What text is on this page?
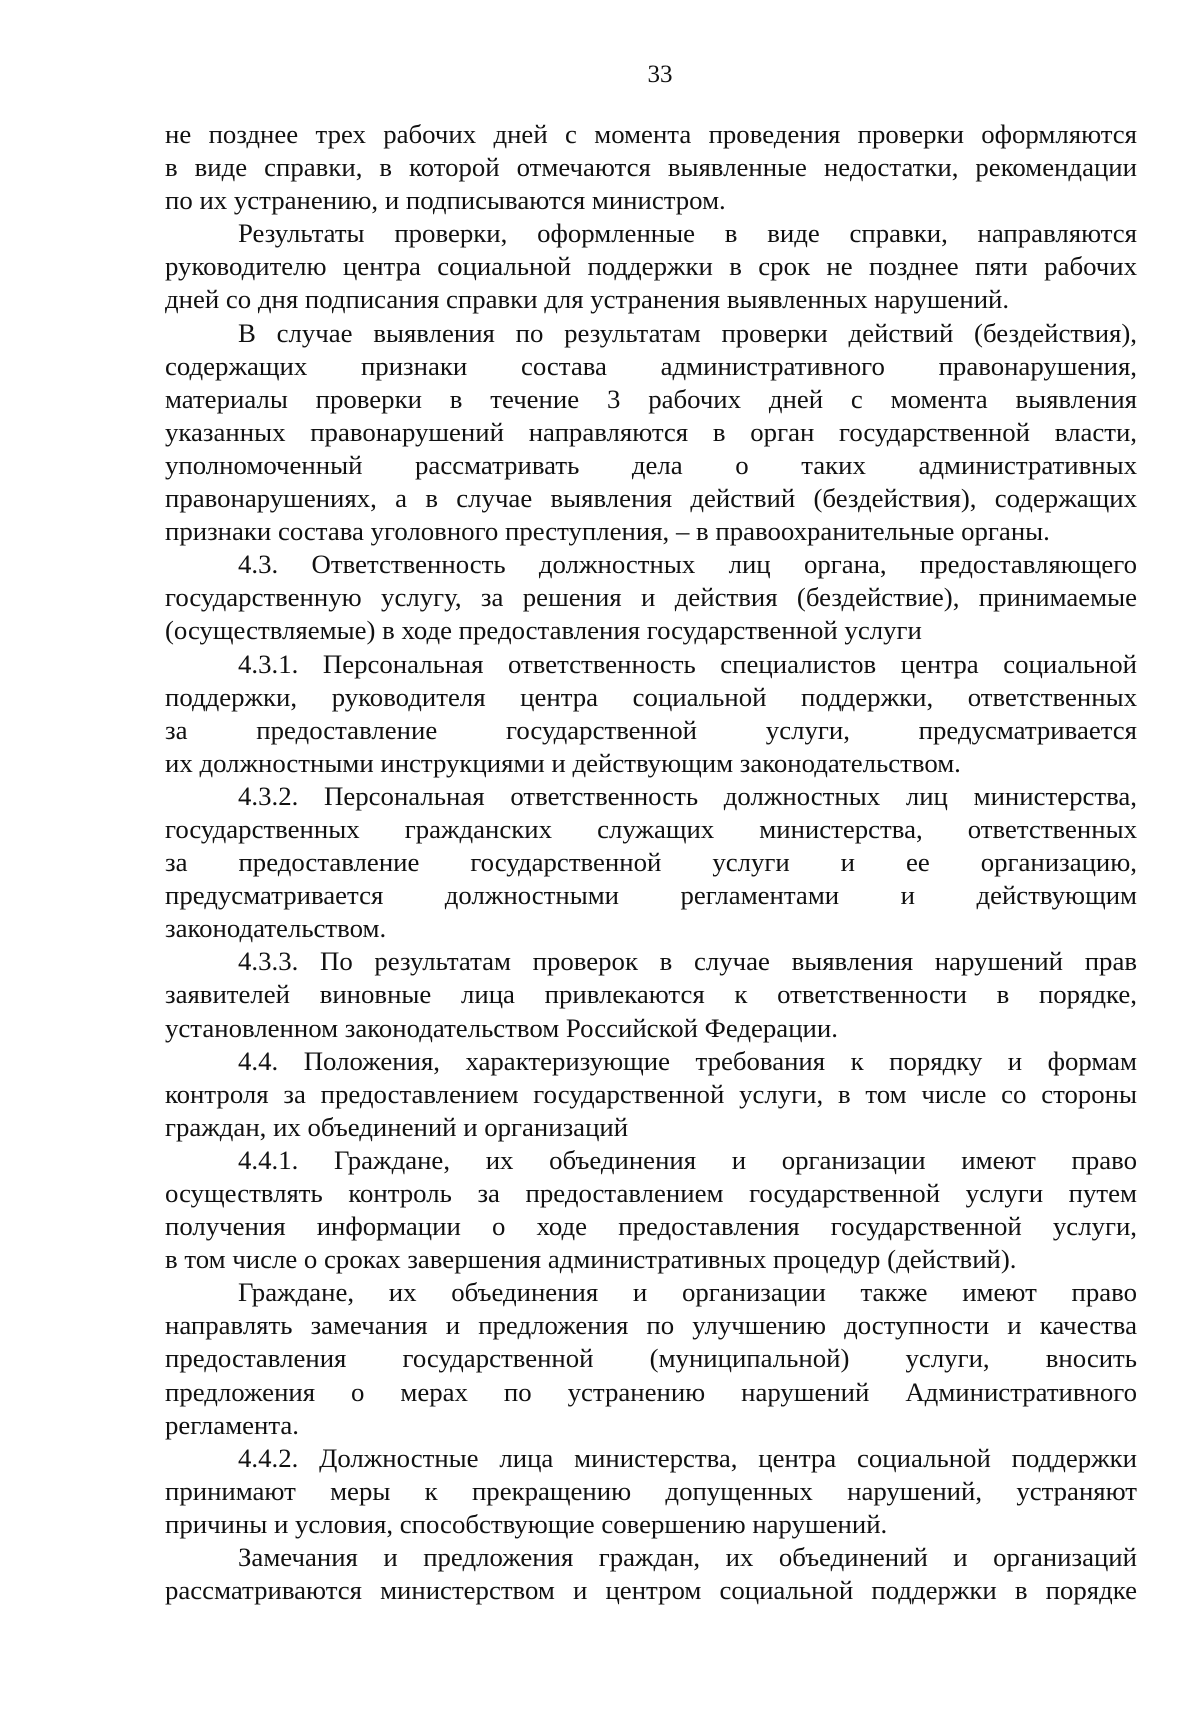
33
не позднее трех рабочих дней с момента проведения проверки оформляются
в виде справки, в которой отмечаются выявленные недостатки, рекомендации
по их устранению, и подписываются министром.
Результаты проверки, оформленные в виде справки, направляются
руководителю центра социальной поддержки в срок не позднее пяти рабочих
дней со дня подписания справки для устранения выявленных нарушений.
В случае выявления по результатам проверки действий (бездействия),
содержащих признаки состава административного правонарушения,
материалы проверки в течение 3 рабочих дней с момента выявления
указанных правонарушений направляются в орган государственной власти,
уполномоченный рассматривать дела о таких административных
правонарушениях, а в случае выявления действий (бездействия), содержащих
признаки состава уголовного преступления, – в правоохранительные органы.
4.3. Ответственность должностных лиц органа, предоставляющего
государственную услугу, за решения и действия (бездействие), принимаемые
(осуществляемые) в ходе предоставления государственной услуги
4.3.1. Персональная ответственность специалистов центра социальной
поддержки, руководителя центра социальной поддержки, ответственных
за предоставление государственной услуги, предусматривается
их должностными инструкциями и действующим законодательством.
4.3.2. Персональная ответственность должностных лиц министерства,
государственных гражданских служащих министерства, ответственных
за предоставление государственной услуги и ее организацию,
предусматривается должностными регламентами и действующим
законодательством.
4.3.3. По результатам проверок в случае выявления нарушений прав
заявителей виновные лица привлекаются к ответственности в порядке,
установленном законодательством Российской Федерации.
4.4. Положения, характеризующие требования к порядку и формам
контроля за предоставлением государственной услуги, в том числе со стороны
граждан, их объединений и организаций
4.4.1. Граждане, их объединения и организации имеют право
осуществлять контроль за предоставлением государственной услуги путем
получения информации о ходе предоставления государственной услуги,
в том числе о сроках завершения административных процедур (действий).
Граждане, их объединения и организации также имеют право
направлять замечания и предложения по улучшению доступности и качества
предоставления государственной (муниципальной) услуги, вносить
предложения о мерах по устранению нарушений Административного
регламента.
4.4.2. Должностные лица министерства, центра социальной поддержки
принимают меры к прекращению допущенных нарушений, устраняют
причины и условия, способствующие совершению нарушений.
Замечания и предложения граждан, их объединений и организаций
рассматриваются министерством и центром социальной поддержки в порядке
